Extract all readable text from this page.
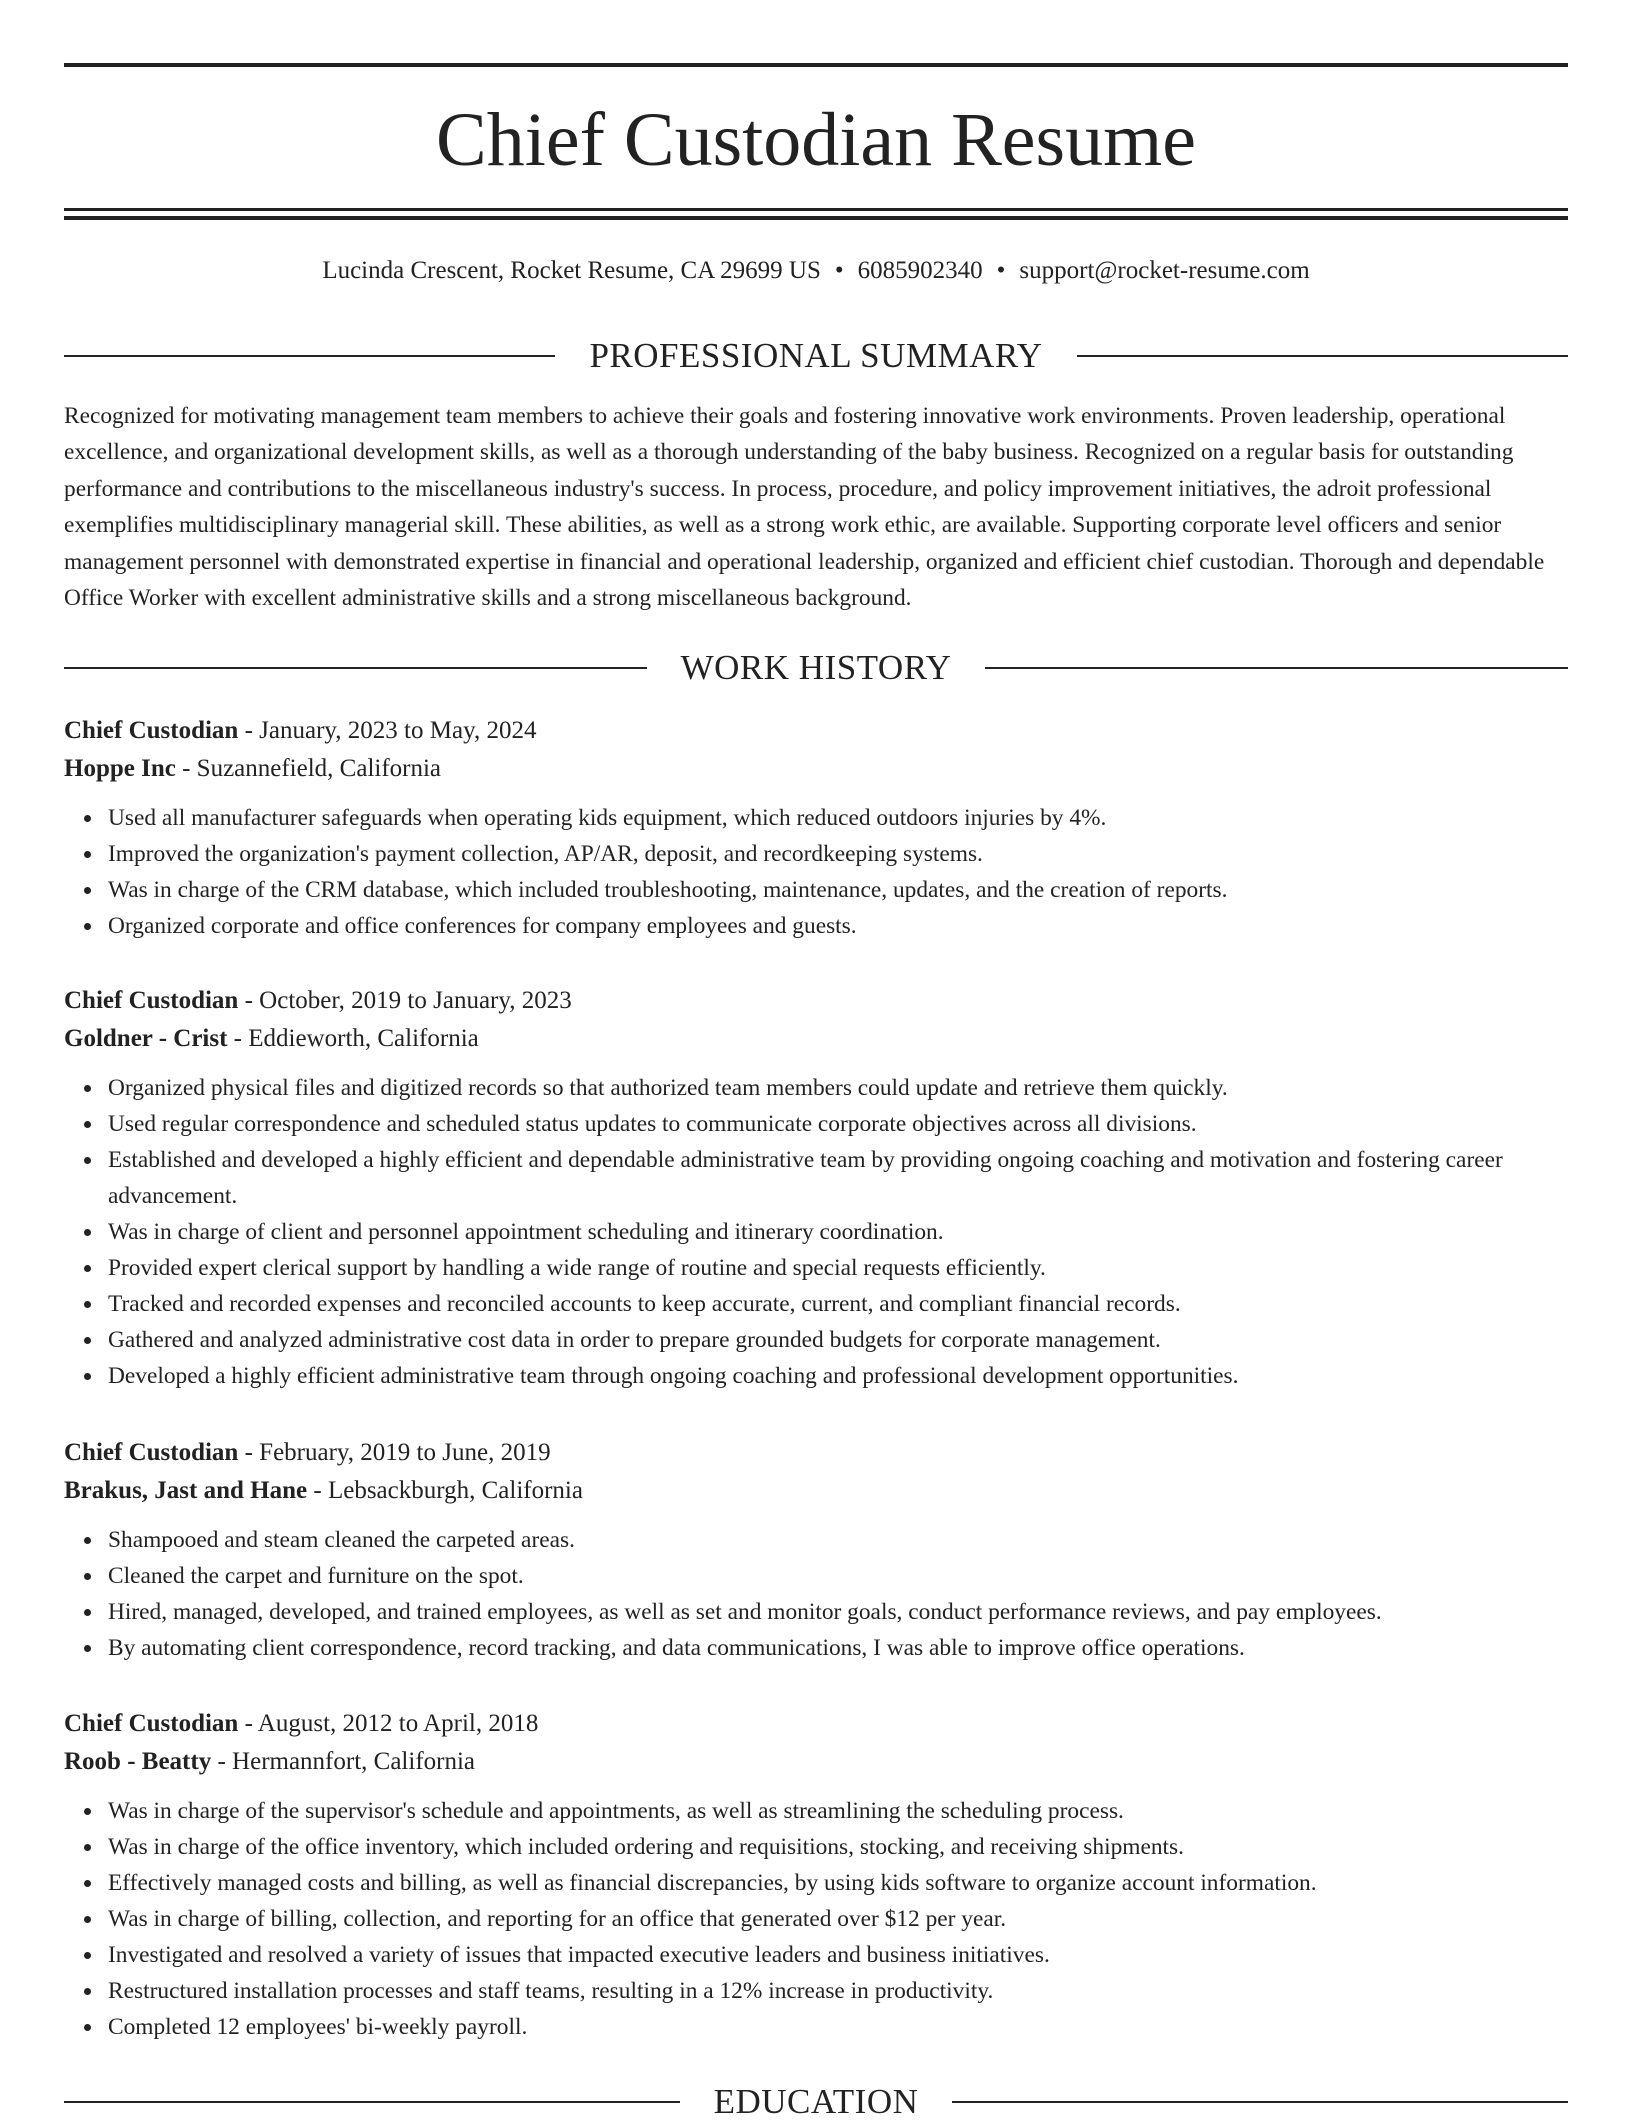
Chief Custodian Resume
Lucinda Crescent, Rocket Resume, CA 29699 US • 6085902340 • support@rocket-resume.com
PROFESSIONAL SUMMARY

Recognized for motivating management team members to achieve their goals and fostering innovative work environments. Proven leadership, operational excellence, and organizational development skills, as well as a thorough understanding of the baby business. Recognized on a regular basis for outstanding performance and contributions to the miscellaneous industry's success. In process, procedure, and policy improvement initiatives, the adroit professional exemplifies multidisciplinary managerial skill. These abilities, as well as a strong work ethic, are available. Supporting corporate level officers and senior management personnel with demonstrated expertise in financial and operational leadership, organized and efficient chief custodian. Thorough and dependable Office Worker with excellent administrative skills and a strong miscellaneous background.

WORK HISTORY
Chief Custodian - January, 2023 to May, 2024
Hoppe Inc - Suzannefield, California
Used all manufacturer safeguards when operating kids equipment, which reduced outdoors injuries by 4%.
Improved the organization's payment collection, AP/AR, deposit, and recordkeeping systems.
Was in charge of the CRM database, which included troubleshooting, maintenance, updates, and the creation of reports.
Organized corporate and office conferences for company employees and guests.
Chief Custodian - October, 2019 to January, 2023
Goldner - Crist - Eddieworth, California
Organized physical files and digitized records so that authorized team members could update and retrieve them quickly.
Used regular correspondence and scheduled status updates to communicate corporate objectives across all divisions.
Established and developed a highly efficient and dependable administrative team by providing ongoing coaching and motivation and fostering career advancement.
Was in charge of client and personnel appointment scheduling and itinerary coordination.
Provided expert clerical support by handling a wide range of routine and special requests efficiently.
Tracked and recorded expenses and reconciled accounts to keep accurate, current, and compliant financial records.
Gathered and analyzed administrative cost data in order to prepare grounded budgets for corporate management.
Developed a highly efficient administrative team through ongoing coaching and professional development opportunities.
Chief Custodian - February, 2019 to June, 2019
Brakus, Jast and Hane - Lebsackburgh, California
Shampooed and steam cleaned the carpeted areas.
Cleaned the carpet and furniture on the spot.
Hired, managed, developed, and trained employees, as well as set and monitor goals, conduct performance reviews, and pay employees.
By automating client correspondence, record tracking, and data communications, I was able to improve office operations.
Chief Custodian - August, 2012 to April, 2018
Roob - Beatty - Hermannfort, California
Was in charge of the supervisor's schedule and appointments, as well as streamlining the scheduling process.
Was in charge of the office inventory, which included ordering and requisitions, stocking, and receiving shipments.
Effectively managed costs and billing, as well as financial discrepancies, by using kids software to organize account information.
Was in charge of billing, collection, and reporting for an office that generated over $12 per year.
Investigated and resolved a variety of issues that impacted executive leaders and business initiatives.
Restructured installation processes and staff teams, resulting in a 12% increase in productivity.
Completed 12 employees' bi-weekly payroll.
EDUCATION
